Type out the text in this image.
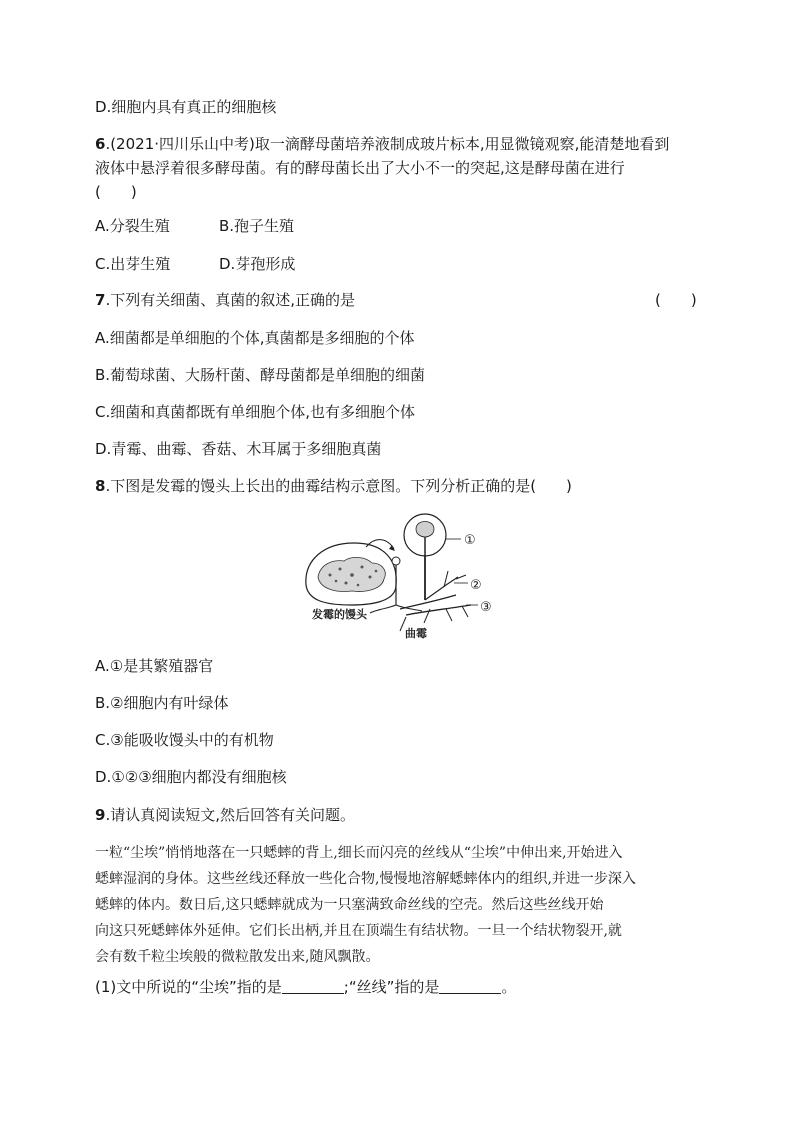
D.细胞内具有真正的细胞核
6.(2021·四川乐山中考)取一滴酵母菌培养液制成玻片标本,用显微镜观察,能清楚地看到
液体中悬浮着很多酵母菌。有的酵母菌长出了大小不一的突起,这是酵母菌在进行
(　　)
A.分裂生殖	B.孢子生殖
C.出芽生殖	D.芽孢形成
7.下列有关细菌、真菌的叙述,正确的是	(　　)
A.细菌都是单细胞的个体,真菌都是多细胞的个体
B.葡萄球菌、大肠杆菌、酵母菌都是单细胞的细菌
C.细菌和真菌都既有单细胞个体,也有多细胞个体
D.青霉、曲霉、香菇、木耳属于多细胞真菌
8.下图是发霉的馒头上长出的曲霉结构示意图。下列分析正确的是(　　)
①
②
③
发霉的馒头
曲霉
A.①是其繁殖器官
B.②细胞内有叶绿体
C.③能吸收馒头中的有机物
D.①②③细胞内都没有细胞核
9.请认真阅读短文,然后回答有关问题。
一粒“尘埃”悄悄地落在一只蟋蟀的背上,细长而闪亮的丝线从“尘埃”中伸出来,开始进入
蟋蟀湿润的身体。这些丝线还释放一些化合物,慢慢地溶解蟋蟀体内的组织,并进一步深入
蟋蟀的体内。数日后,这只蟋蟀就成为一只塞满致命丝线的空壳。然后这些丝线开始
向这只死蟋蟀体外延伸。它们长出柄,并且在顶端生有结状物。一旦一个结状物裂开,就
会有数千粒尘埃般的微粒散发出来,随风飘散。
(1)文中所说的“尘埃”指的是	;“丝线”指的是	。
